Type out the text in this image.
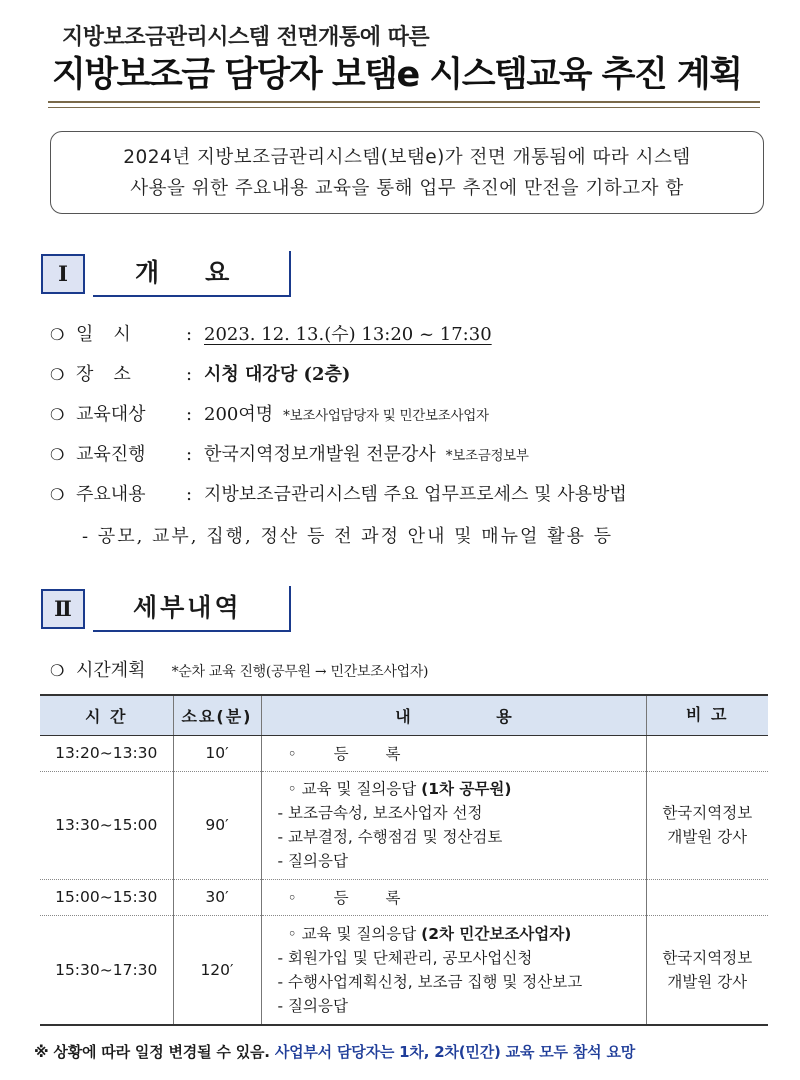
지방보조금관리시스템 전면개통에 따른
지방보조금 담당자 보탬e 시스템교육 추진 계획
2024년 지방보조금관리시스템(보탬e)가 전면 개통됨에 따라 시스템
사용을 위한 주요내용 교육을 통해 업무 추진에 만전을 기하고자 함
Ⅰ	개요
❍ 일시	: 2023. 12. 13.(수) 13:20 ~ 17:30
❍ 장소	: 시청 대강당 (2층)
❍ 교육대상	: 200여명 *보조사업담당자 및 민간보조사업자
❍ 교육진행	: 한국지역정보개발원 전문강사 *보조금정보부
❍ 주요내용	: 지방보조금관리시스템 주요 업무프로세스 및 사용방법
- 공모, 교부, 집행, 정산 등 전 과정 안내 및 매뉴얼 활용 등
Ⅱ	세부내역
❍ 시간계획 *순차 교육 진행(공무원 → 민간보조사업자)
시 간	소요(분)	내 용	비 고
13:20~13:30	10′	◦ 등 록	
13:30~15:00	90′	◦ 교육 및 질의응답 (1차 공무원)
- 보조금속성, 보조사업자 선정
- 교부결정, 수행점검 및 정산검토
- 질의응답	한국지역정보
개발원 강사

15:00~15:30	30′	◦ 등 록	
15:30~17:30	120′	◦ 교육 및 질의응답 (2차 민간보조사업자)
- 회원가입 및 단체관리, 공모사업신청
- 수행사업계획신청, 보조금 집행 및 정산보고
- 질의응답	한국지역정보
개발원 강사
※ 상황에 따라 일정 변경될 수 있음. 사업부서 담당자는 1차, 2차(민간) 교육 모두 참석 요망
